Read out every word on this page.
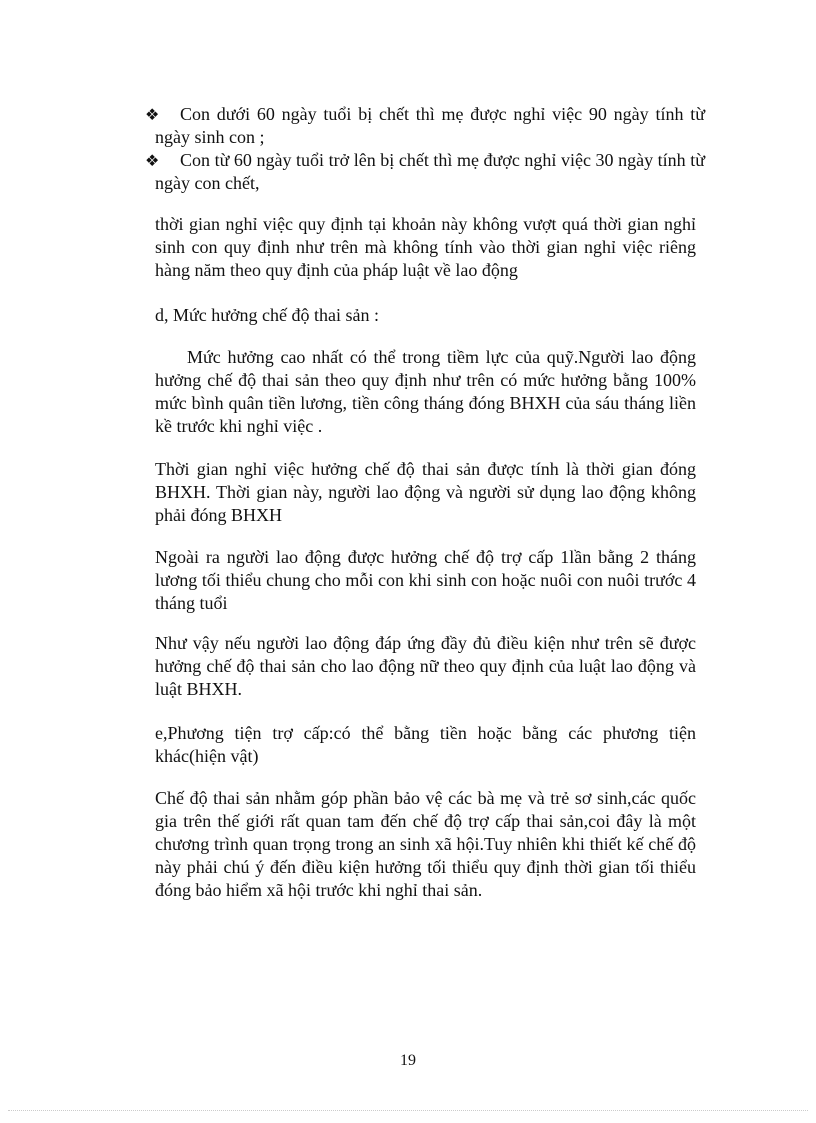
❖	Con dưới 60 ngày tuổi bị chết thì mẹ được nghỉ việc 90 ngày tính từ ngày sinh con ;
❖	Con từ 60 ngày tuổi trở lên bị chết thì mẹ được nghỉ việc 30 ngày tính từ ngày con chết,

thời gian nghỉ việc quy định tại khoản này không vượt quá thời gian nghỉ sinh con quy định như trên mà không tính vào thời gian nghỉ việc riêng hàng năm theo quy định của pháp luật về lao động

d, Mức hưởng chế độ thai sản :

Mức hưởng cao nhất có thể trong tiềm lực của quỹ.Người lao động hưởng chế độ thai sản theo quy định như trên có mức hưởng bằng 100% mức bình quân tiền lương, tiền công tháng đóng BHXH của sáu tháng liền kề trước khi nghỉ việc .

Thời gian nghỉ việc hưởng chế độ thai sản được tính là thời gian đóng BHXH. Thời gian này, người lao động và người sử dụng lao động không phải đóng BHXH

Ngoài ra người lao động được hưởng chế độ trợ cấp 1lần bằng 2 tháng lương tối thiểu chung cho mỗi con khi sinh con hoặc nuôi con nuôi trước 4 tháng tuổi

Như vậy nếu người lao động đáp ứng đầy đủ điều kiện như trên sẽ được hưởng chế độ thai sản cho lao động nữ theo quy định của luật lao động và luật BHXH.

e,Phương tiện trợ cấp:có thể bằng tiền hoặc bằng các phương tiện khác(hiện vật)

Chế độ thai sản nhằm góp phần bảo vệ các bà mẹ và trẻ sơ sinh,các quốc gia trên thế giới rất quan tam đến chế độ trợ cấp thai sản,coi đây là một chương trình quan trọng trong an sinh xã hội.Tuy nhiên khi thiết kế chế độ này phải chú ý đến điều kiện hưởng tối thiểu quy định thời gian tối thiểu đóng bảo hiểm xã hội trước khi nghỉ thai sản.

19
